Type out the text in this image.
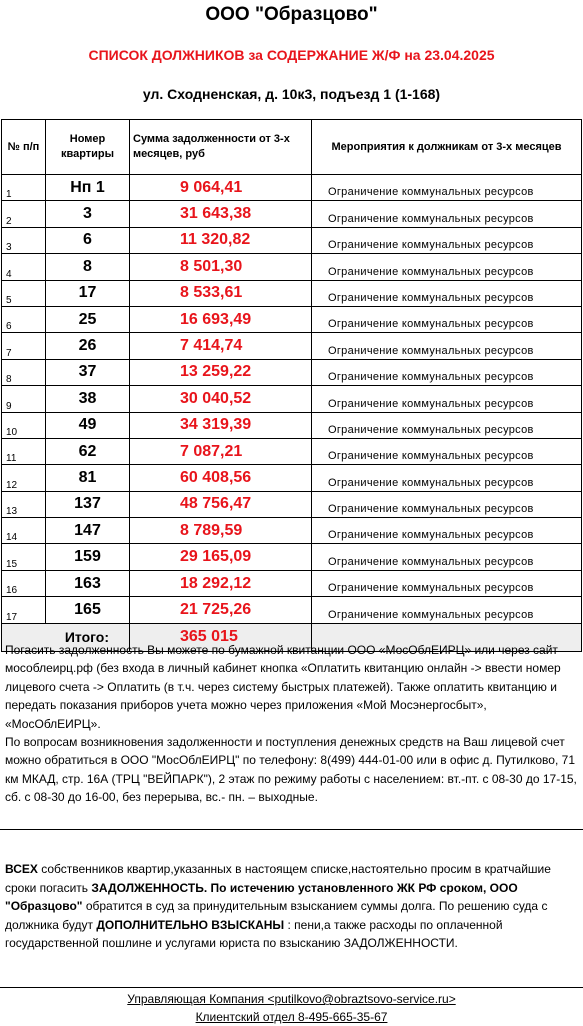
ООО "Образцово"
СПИСОК ДОЛЖНИКОВ за СОДЕРЖАНИЕ Ж/Ф на 23.04.2025
ул. Сходненская, д. 10к3, подъезд 1 (1-168)
№ п/п	Номер квартиры	Сумма задолженности от 3-х месяцев, руб	Мероприятия к должникам от 3-х месяцев
1	Нп 1	9 064,41	Ограничение коммунальных ресурсов
2	3	31 643,38	Ограничение коммунальных ресурсов
3	6	11 320,82	Ограничение коммунальных ресурсов
4	8	8 501,30	Ограничение коммунальных ресурсов
5	17	8 533,61	Ограничение коммунальных ресурсов
6	25	16 693,49	Ограничение коммунальных ресурсов
7	26	7 414,74	Ограничение коммунальных ресурсов
8	37	13 259,22	Ограничение коммунальных ресурсов
9	38	30 040,52	Ограничение коммунальных ресурсов
10	49	34 319,39	Ограничение коммунальных ресурсов
11	62	7 087,21	Ограничение коммунальных ресурсов
12	81	60 408,56	Ограничение коммунальных ресурсов
13	137	48 756,47	Ограничение коммунальных ресурсов
14	147	8 789,59	Ограничение коммунальных ресурсов
15	159	29 165,09	Ограничение коммунальных ресурсов
16	163	18 292,12	Ограничение коммунальных ресурсов
17	165	21 725,26	Ограничение коммунальных ресурсов
Итого:		365 015	

Погасить задолженность Вы можете по бумажной квитанции ООО «МосОблЕИРЦ» или через сайт мособлеирц.рф (без входа в личный кабинет кнопка «Оплатить квитанцию онлайн -> ввести номер лицевого счета -> Оплатить (в т.ч. через систему быстрых платежей). Также оплатить квитанцию и передать показания приборов учета можно через приложения «Мой Мосэнергосбыт», «МосОблЕИРЦ».

По вопросам возникновения задолженности и поступления денежных средств на Ваш лицевой счет можно обратиться в ООО "МосОблЕИРЦ" по телефону: 8(499) 444-01-00 или в офис д. Путилково, 71 км МКАД, стр. 16А (ТРЦ "ВЕЙПАРК"), 2 этаж по режиму работы с населением: вт.-пт. с 08-30 до 17-15, сб. с 08-30 до 16-00, без перерыва, вс.- пн. – выходные.

ВСЕХ собственников квартир,указанных в настоящем списке,настоятельно просим в кратчайшие сроки погасить ЗАДОЛЖЕННОСТЬ. По истечению установленного ЖК РФ сроком, ООО "Образцово" обратится в суд за принудительным взысканием суммы долга. По решению суда с должника будут ДОПОЛНИТЕЛЬНО ВЗЫСКАНЫ : пени,а также расходы по оплаченной государственной пошлине и услугами юриста по взысканию ЗАДОЛЖЕННОСТИ.
Управляющая Компания <putilkovo@obraztsovo-service.ru>
Клиентский отдел 8-495-665-35-67
